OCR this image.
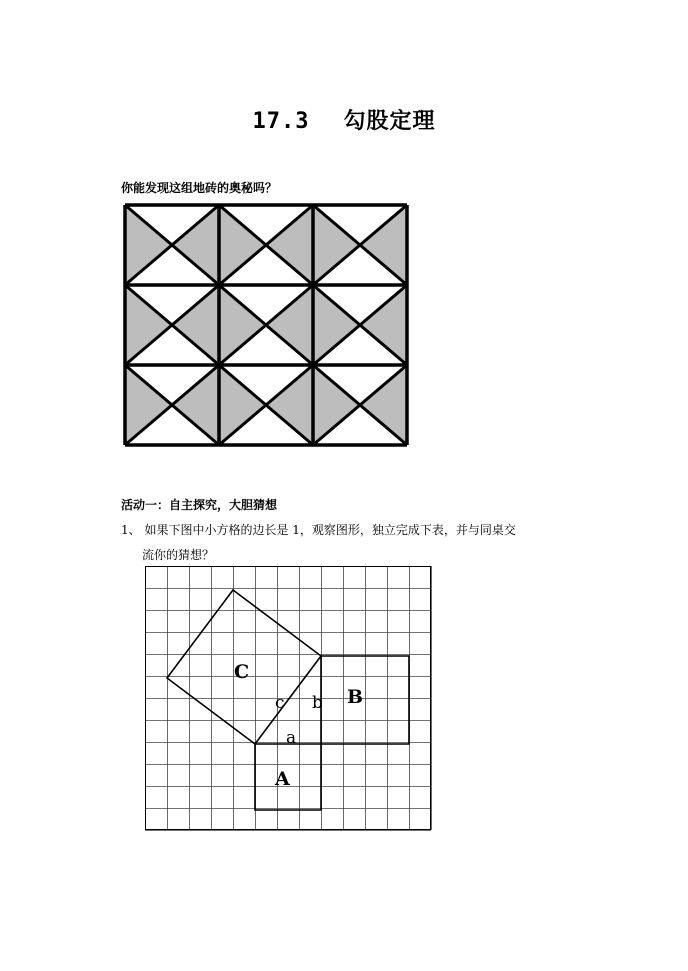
17.3 勾股定理
你能发现这组地砖的奥秘吗？
活动一：自主探究，大胆猜想
1、 如果下图中小方格的边长是 1，观察图形，独立完成下表，并与同桌交
流你的猜想？
C
B
A
c b
a
